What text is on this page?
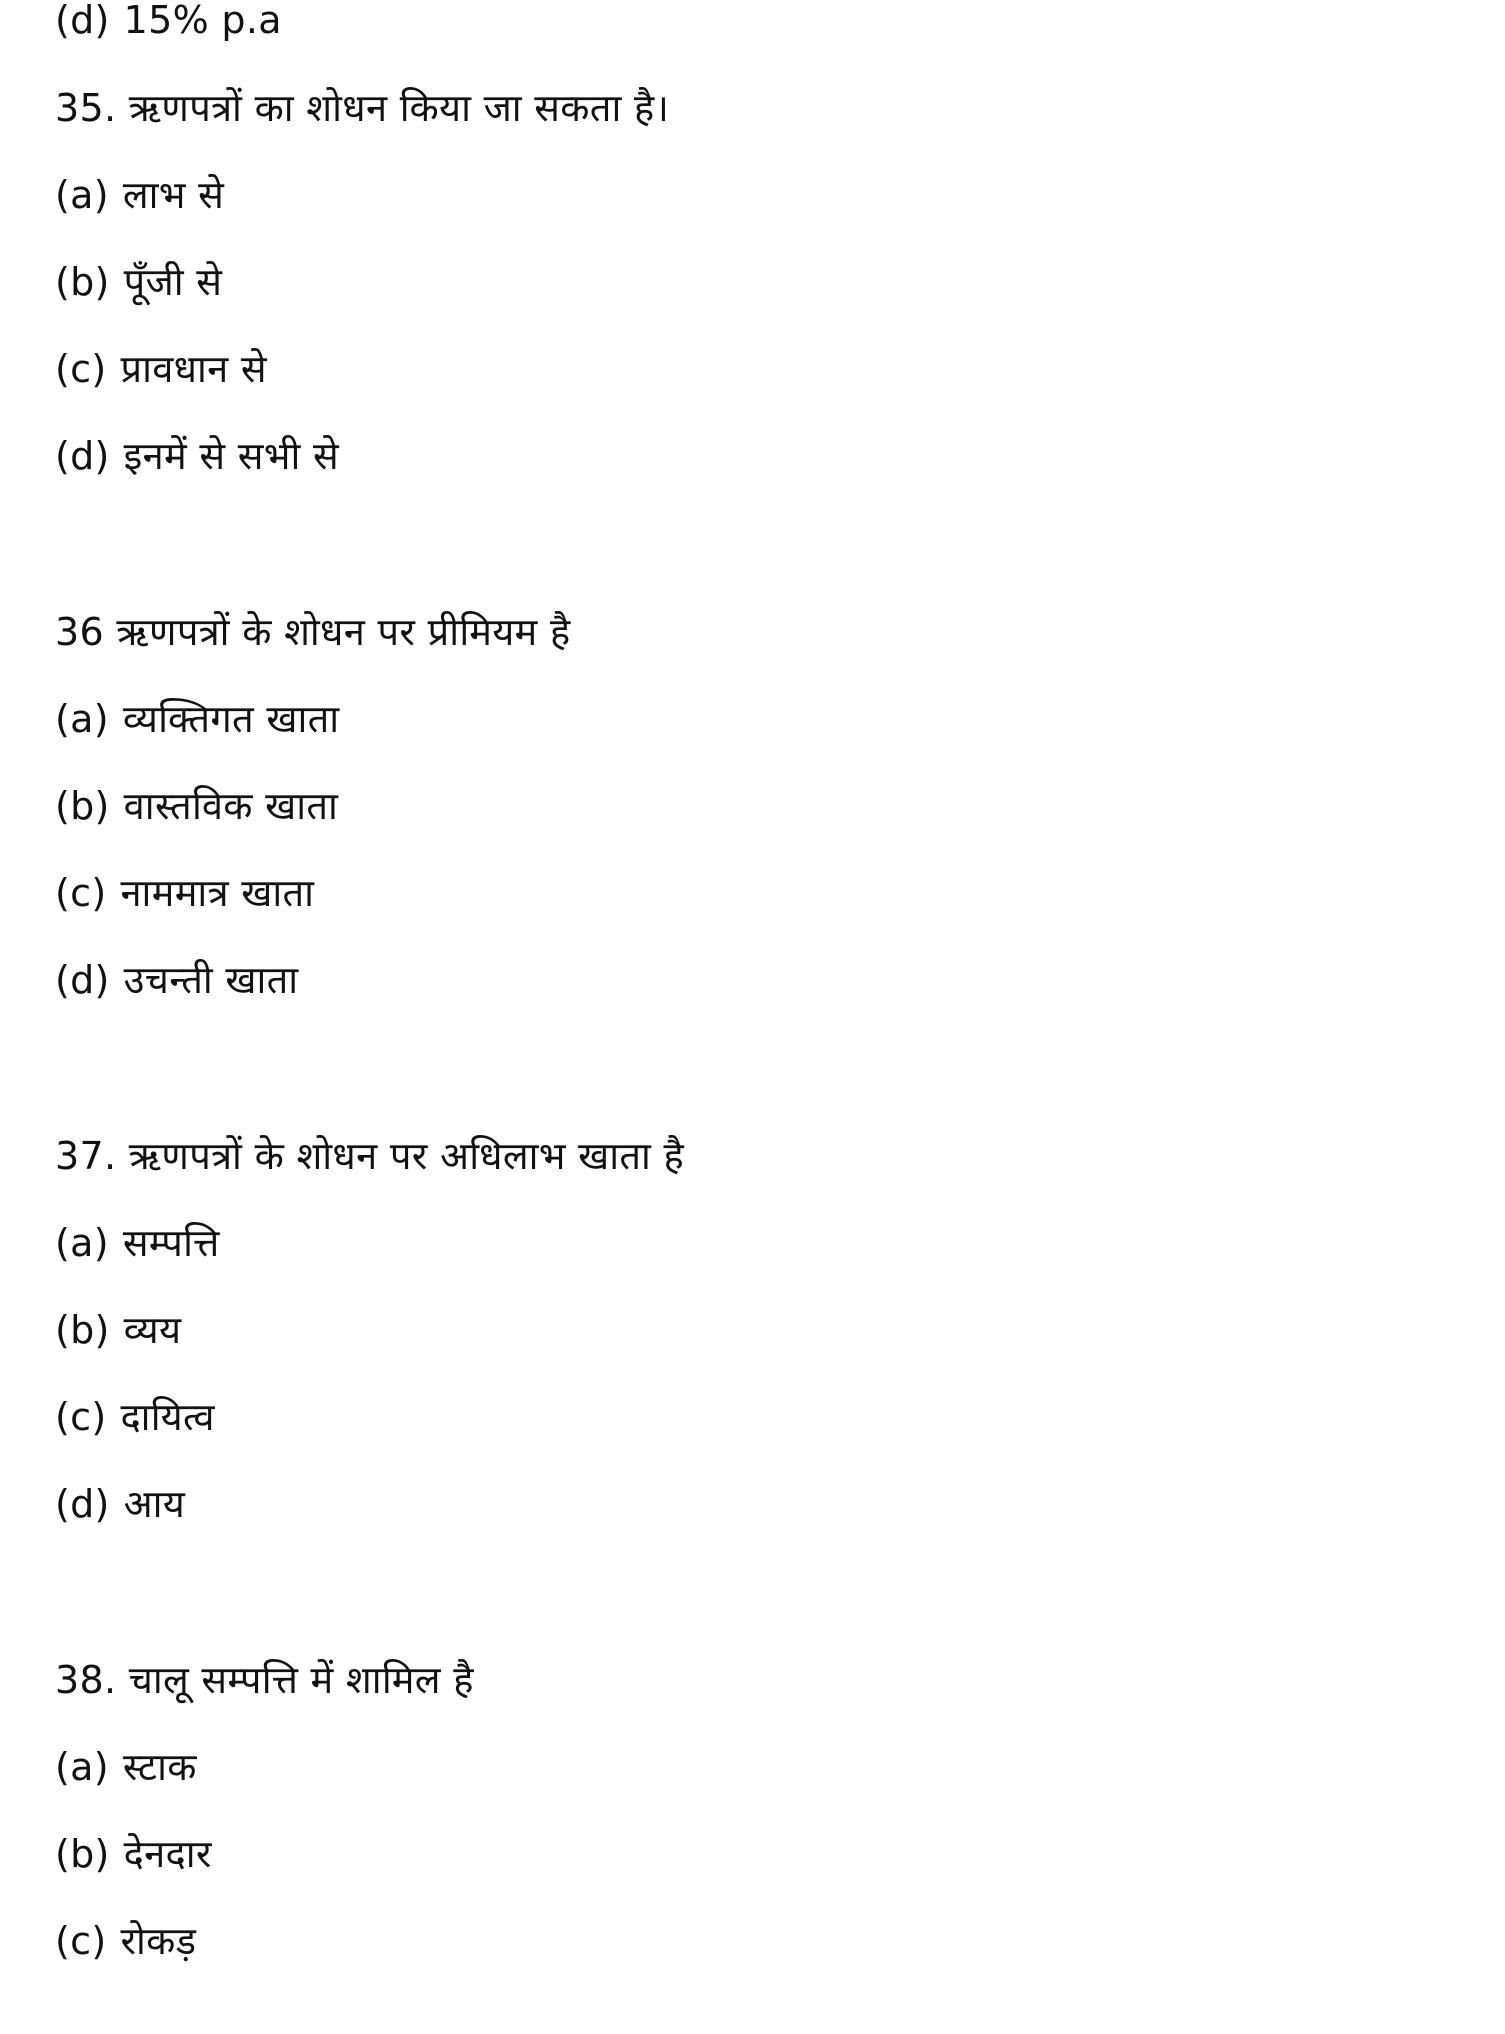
(d) 15% p.a
35. ऋणपत्रों का शोधन किया जा सकता है।
(a) लाभ से
(b) पूँजी से
(c) प्रावधान से
(d) इनमें से सभी से
36 ऋणपत्रों के शोधन पर प्रीमियम है
(a) व्यक्तिगत खाता
(b) वास्तविक खाता
(c) नाममात्र खाता
(d) उचन्ती खाता
37. ऋणपत्रों के शोधन पर अधिलाभ खाता है
(a) सम्पत्ति
(b) व्यय
(c) दायित्व
(d) आय
38. चालू सम्पत्ति में शामिल है
(a) स्टाक
(b) देनदार
(c) रोकड़
